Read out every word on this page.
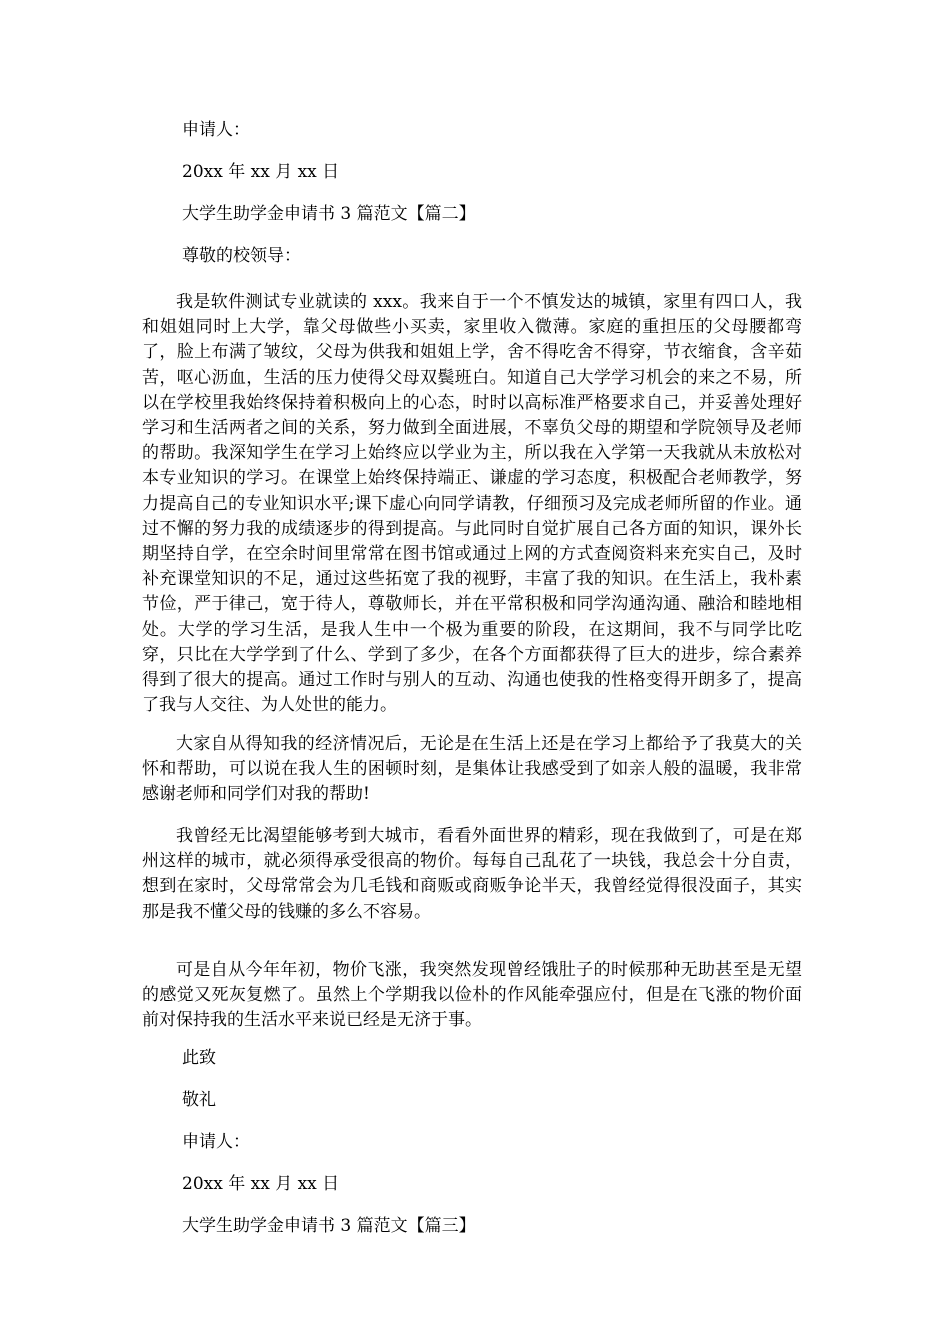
申请人：
20xx 年 xx 月 xx 日
大学生助学金申请书 3 篇范文【篇二】
尊敬的校领导：

我是软件测试专业就读的 xxx。我来自于一个不慎发达的城镇，家里有四口人，我和姐姐同时上大学，靠父母做些小买卖，家里收入微薄。家庭的重担压的父母腰都弯了，脸上布满了皱纹，父母为供我和姐姐上学，舍不得吃舍不得穿，节衣缩食，含辛茹苦，呕心沥血，生活的压力使得父母双鬓班白。知道自己大学学习机会的来之不易，所以在学校里我始终保持着积极向上的心态，时时以高标准严格要求自己，并妥善处理好学习和生活两者之间的关系，努力做到全面进展，不辜负父母的期望和学院领导及老师的帮助。我深知学生在学习上始终应以学业为主，所以我在入学第一天我就从未放松对本专业知识的学习。在课堂上始终保持端正、谦虚的学习态度，积极配合老师教学，努力提高自己的专业知识水平;课下虚心向同学请教，仔细预习及完成老师所留的作业。通过不懈的努力我的成绩逐步的得到提高。与此同时自觉扩展自己各方面的知识，课外长期坚持自学，在空余时间里常常在图书馆或通过上网的方式查阅资料来充实自己，及时补充课堂知识的不足，通过这些拓宽了我的视野，丰富了我的知识。在生活上，我朴素节俭，严于律己，宽于待人，尊敬师长，并在平常积极和同学沟通沟通、融洽和睦地相处。大学的学习生活，是我人生中一个极为重要的阶段，在这期间，我不与同学比吃穿，只比在大学学到了什么、学到了多少，在各个方面都获得了巨大的进步，综合素养得到了很大的提高。通过工作时与别人的互动、沟通也使我的性格变得开朗多了，提高了我与人交往、为人处世的能力。

大家自从得知我的经济情况后，无论是在生活上还是在学习上都给予了我莫大的关怀和帮助，可以说在我人生的困顿时刻，是集体让我感受到了如亲人般的温暖，我非常感谢老师和同学们对我的帮助!

我曾经无比渴望能够考到大城市，看看外面世界的精彩，现在我做到了，可是在郑州这样的城市，就必须得承受很高的物价。每每自己乱花了一块钱，我总会十分自责，想到在家时，父母常常会为几毛钱和商贩或商贩争论半天，我曾经觉得很没面子，其实那是我不懂父母的钱赚的多么不容易。

可是自从今年年初，物价飞涨，我突然发现曾经饿肚子的时候那种无助甚至是无望的感觉又死灰复燃了。虽然上个学期我以俭朴的作风能牵强应付，但是在飞涨的物价面前对保持我的生活水平来说已经是无济于事。

此致
敬礼
申请人：
20xx 年 xx 月 xx 日
大学生助学金申请书 3 篇范文【篇三】
